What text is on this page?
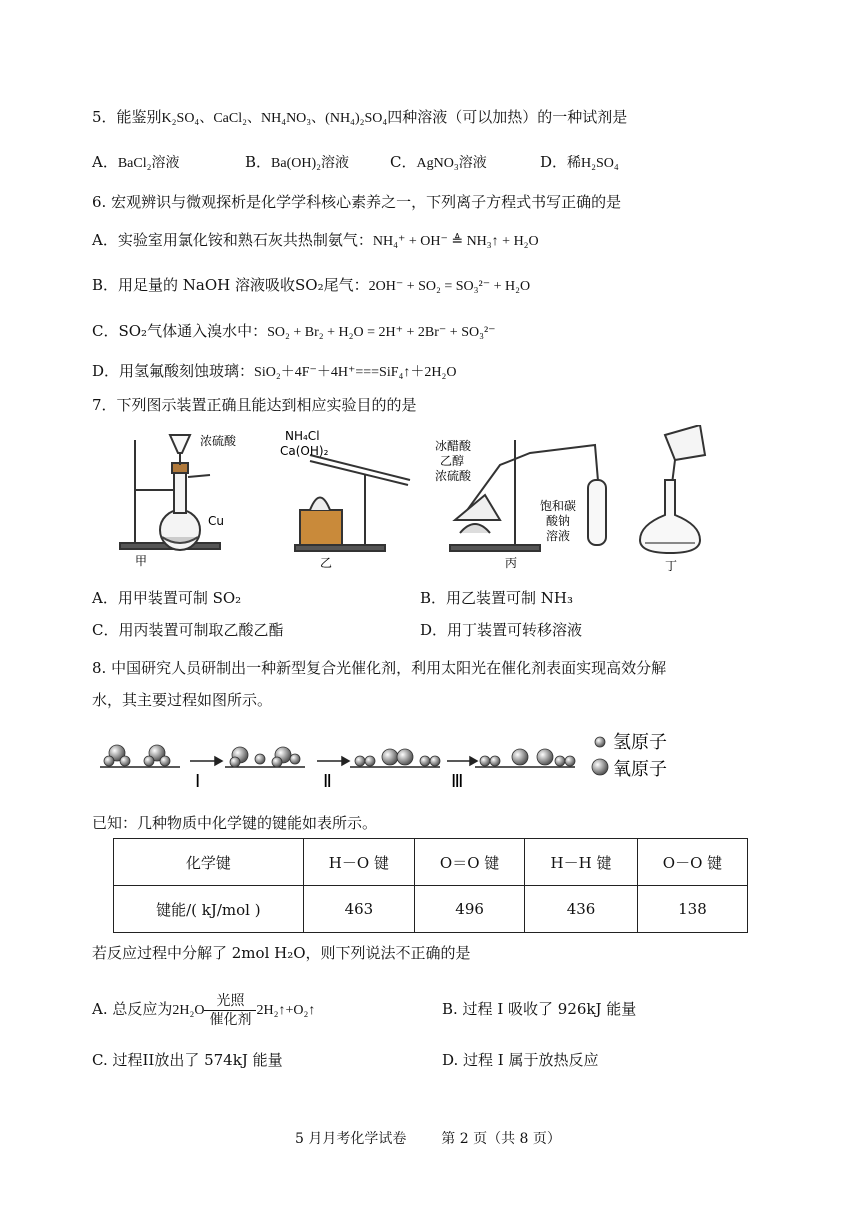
5．能鉴别K₂SO₄、CaCl₂、NH₄NO₃、(NH₄)₂SO₄四种溶液（可以加热）的一种试剂是
A．BaCl₂溶液	B．Ba(OH)₂溶液	C．AgNO₃溶液	D．稀H₂SO₄
6. 宏观辨识与微观探析是化学学科核心素养之一，下列离子方程式书写正确的是
A．实验室用氯化铵和熟石灰共热制氨气：NH₄⁺ + OH⁻ ≜ NH₃↑ + H₂O
B．用足量的 NaOH 溶液吸收SO₂尾气：2OH⁻ + SO₂ = SO₃²⁻ + H₂O
C．SO₂气体通入溴水中：SO₂ + Br₂ + H₂O = 2H⁺ + 2Br⁻ + SO₃²⁻
D．用氢氟酸刻蚀玻璃：SiO₂＋4F⁻＋4H⁺===SiF₄↑＋2H₂O
7．下列图示装置正确且能达到相应实验目的的是
浓硫酸
Cu
甲
NH₄Cl
Ca(OH)₂
乙
冰醋酸
乙醇
浓硫酸
饱和碳
酸钠
溶液
丙	丁
A．用甲装置可制 SO₂	B．用乙装置可制 NH₃
C．用丙装置可制取乙酸乙酯	D．用丁装置可转移溶液
8. 中国研究人员研制出一种新型复合光催化剂，利用太阳光在催化剂表面实现高效分解
水，其主要过程如图所示。
Ⅰ	Ⅱ	Ⅲ
氢原子
氧原子
已知：几种物质中化学键的键能如表所示。
化学键	H－O 键	O＝O 键	H－H 键	O－O 键
键能/( kJ/mol )	463	496	436	138
若反应过程中分解了 2mol H₂O，则下列说法不正确的是
A. 总反应为$2H_2O \frac{\text{光照}}{\text{催化剂}}$ 2H₂↑+O₂↑	B. 过程 I 吸收了 926kJ 能量
C. 过程II放出了 574kJ 能量	D. 过程 I 属于放热反应
5 月月考化学试卷 第 2 页（共 8 页）
